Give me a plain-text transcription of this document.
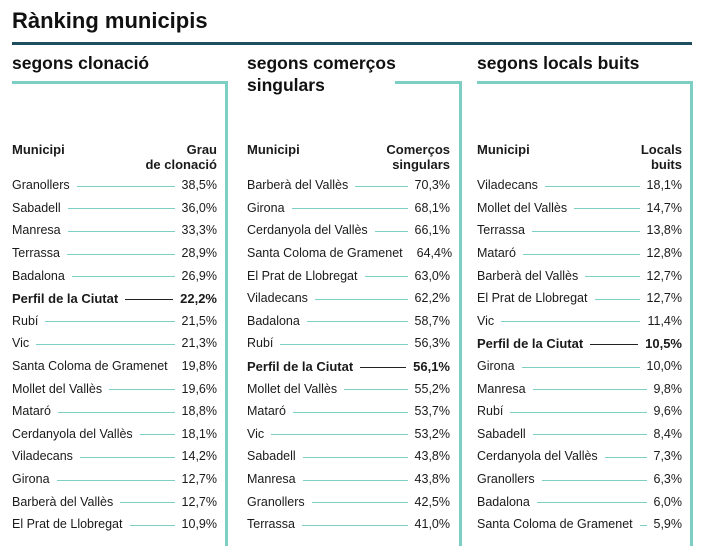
Rànking municipis
segons clonació
Municipi	Grau
de clonació
Granollers	38,5%
Sabadell	36,0%
Manresa	33,3%
Terrassa	28,9%
Badalona	26,9%
Perfil de la Ciutat	22,2%
Rubí	21,5%
Vic	21,3%
Santa Coloma de Gramenet 19,8%
Mollet del Vallès	19,6%
Mataró	18,8%
Cerdanyola del Vallès	18,1%
Viladecans	14,2%
Girona	12,7%
Barberà del Vallès	12,7%
El Prat de Llobregat	10,9%
segons comerços singulars
Municipi	Comerços
singulars
Barberà del Vallès	70,3%
Girona	68,1%
Cerdanyola del Vallès	66,1%
Santa Coloma de Gramenet 64,4%
El Prat de Llobregat	63,0%
Viladecans	62,2%
Badalona	58,7%
Rubí	56,3%
Perfil de la Ciutat	56,1%
Mollet del Vallès	55,2%
Mataró	53,7%
Vic	53,2%
Sabadell	43,8%
Manresa	43,8%
Granollers	42,5%
Terrassa	41,0%
segons locals buits
Municipi	Locals
buits
Viladecans	18,1%
Mollet del Vallès	14,7%
Terrassa	13,8%
Mataró	12,8%
Barberà del Vallès	12,7%
El Prat de Llobregat	12,7%
Vic	11,4%
Perfil de la Ciutat	10,5%
Girona	10,0%
Manresa	9,8%
Rubí	9,6%
Sabadell	8,4%
Cerdanyola del Vallès	7,3%
Granollers	6,3%
Badalona	6,0%
Santa Coloma de Gramenet 5,9%
